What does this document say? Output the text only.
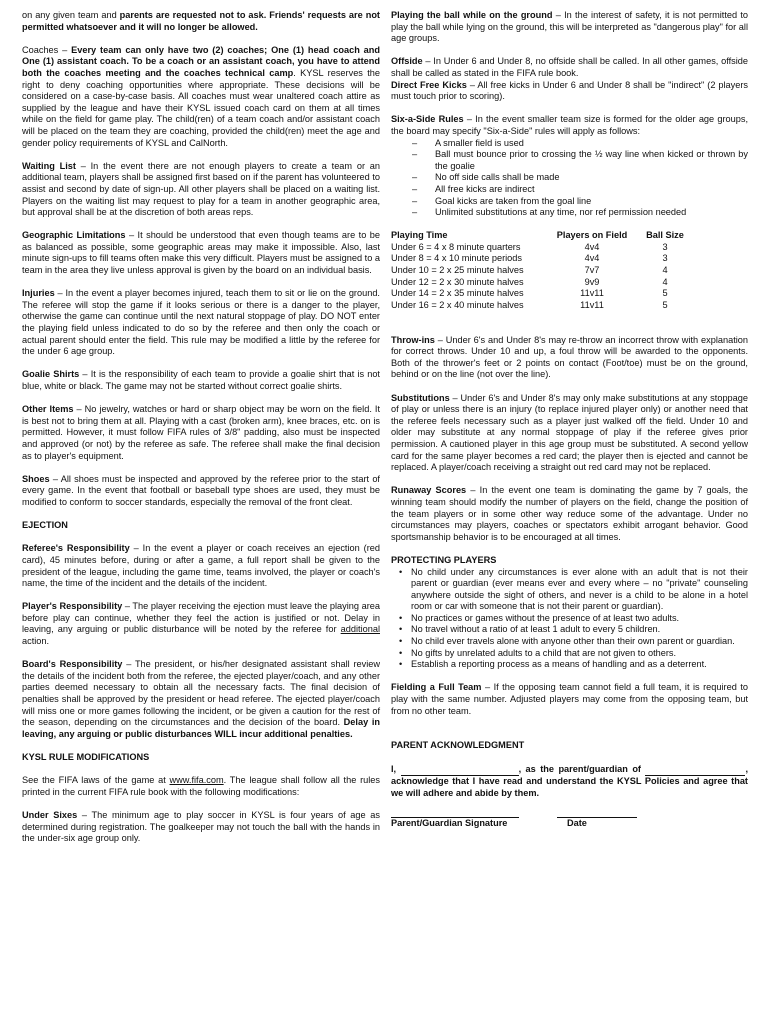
on any given team and parents are requested not to ask. Friends' requests are not permitted whatsoever and it will no longer be allowed.

Coaches – Every team can only have two (2) coaches; One (1) head coach and One (1) assistant coach. To be a coach or an assistant coach, you have to attend both the coaches meeting and the coaches technical camp. KYSL reserves the right to deny coaching opportunities where appropriate. These decisions will be considered on a case-by-case basis. All coaches must wear unaltered coach attire as supplied by the league and have their KYSL issued coach card on them at all times while on the field for game play. The child(ren) of a team coach and/or assistant coach will be placed on the team they are coaching, provided the child(ren) meet the age and gender policy requirements of KYSL and CalNorth.

Waiting List – In the event there are not enough players to create a team or an additional team, players shall be assigned first based on if the parent has volunteered to assist and second by date of sign-up. All other players shall be placed on a waiting list. Players on the waiting list may request to play for a team in another geographic area, but approval shall be at the discretion of both areas reps.

Geographic Limitations – It should be understood that even though teams are to be as balanced as possible, some geographic areas may make it impossible. Also, last minute sign-ups to fill teams often make this very difficult. Players must be assigned to a team in the area they live unless approval is given by the board on an individual basis.

Injuries – In the event a player becomes injured, teach them to sit or lie on the ground. The referee will stop the game if it looks serious or there is a danger to the player, otherwise the game can continue until the next natural stoppage of play. DO NOT enter the playing field unless indicated to do so by the referee and then only the coach or actual parent should enter the field. This rule may be modified a little by the referee for the under 6 age group.

Goalie Shirts – It is the responsibility of each team to provide a goalie shirt that is not blue, white or black. The game may not be started without correct goalie shirts.

Other Items – No jewelry, watches or hard or sharp object may be worn on the field. It is best not to bring them at all. Playing with a cast (broken arm), knee braces, etc. on is permitted. However, it must follow FIFA rules of 3/8" padding, also must be inspected and approved (or not) by the referee as safe. The referee shall make the final decision as to player's equipment.

Shoes – All shoes must be inspected and approved by the referee prior to the start of every game. In the event that football or baseball type shoes are used, they must be modified to conform to soccer standards, especially the removal of the front cleat.

EJECTION

Referee's Responsibility – In the event a player or coach receives an ejection (red card), 45 minutes before, during or after a game, a full report shall be given to the president of the league, including the game time, teams involved, the player or coach's name, the time of the incident and the details of the incident.

Player's Responsibility – The player receiving the ejection must leave the playing area before play can continue, whether they feel the action is justified or not. Delay in leaving, any arguing or public disturbance will be noted by the referee for additional action.

Board's Responsibility – The president, or his/her designated assistant shall review the details of the incident both from the referee, the ejected player/coach, and any other parties deemed necessary to obtain all the necessary facts. The final decision of penalties shall be approved by the president or head referee. The ejected player/coach will miss one or more games following the incident, or be given a caution for the rest of the season, depending on the circumstances and the decision of the board. Delay in leaving, any arguing or public disturbances WILL incur additional penalties.

KYSL RULE MODIFICATIONS

See the FIFA laws of the game at www.fifa.com. The league shall follow all the rules printed in the current FIFA rule book with the following modifications:

Under Sixes – The minimum age to play soccer in KYSL is four years of age as determined during registration. The goalkeeper may not touch the ball with the hands in the under-six age group only.

Playing the ball while on the ground – In the interest of safety, it is not permitted to play the ball while lying on the ground, this will be interpreted as "dangerous play" for all age groups.

Offside – In Under 6 and Under 8, no offside shall be called. In all other games, offside shall be called as stated in the FIFA rule book.

Direct Free Kicks – All free kicks in Under 6 and Under 8 shall be "indirect" (2 players must touch prior to scoring).

Six-a-Side Rules – In the event smaller team size is formed for the older age groups, the board may specify "Six-a-Side" rules will apply as follows:

– A smaller field is used
– Ball must bounce prior to crossing the ½ way line when kicked or thrown by the goalie
– No off side calls shall be made
– All free kicks are indirect
– Goal kicks are taken from the goal line
– Unlimited substitutions at any time, nor ref permission needed
Playing Time	Players on Field	Ball Size
Under 6 = 4 x 8 minute quarters	4v4	3
Under 8 = 4 x 10 minute periods	4v4	3
Under 10 = 2 x 25 minute halves	7v7	4
Under 12 = 2 x 30 minute halves	9v9	4
Under 14 = 2 x 35 minute halves	11v11	5
Under 16 = 2 x 40 minute halves	11v11	5

Throw-ins – Under 6's and Under 8's may re-throw an incorrect throw with explanation for correct throws. Under 10 and up, a foul throw will be awarded to the opponents. Both of the thrower's feet or 2 points on contact (Foot/toe) must be on the ground, behind or on the line (not over the line).

Substitutions – Under 6's and Under 8's may only make substitutions at any stoppage of play or unless there is an injury (to replace injured player only) or another need that the referee feels necessary such as a player just walked off the field. Under 10 and older may substitute at any normal stoppage of play if the referee gives prior permission. A cautioned player in this age group must be substituted. A second yellow card for the same player becomes a red card; the player then is ejected and cannot be replaced. A player/coach receiving a straight out red card may not be replaced.

Runaway Scores – In the event one team is dominating the game by 7 goals, the winning team should modify the number of players on the field, change the position of the team players or in some other way reduce some of the advantage. Under no circumstances may players, coaches or spectators exhibit arrogant behavior. Good sportsmanship behavior is to be encouraged at all times.

PROTECTING PLAYERS

• No child under any circumstances is ever alone with an adult that is not their parent or guardian (ever means ever and every where – no "private" counseling anywhere outside the sight of others, and never is a child to be alone in a hotel room or car with someone that is not their parent or guardian).
• No practices or games without the presence of at least two adults.
• No travel without a ratio of at least 1 adult to every 5 children.
• No child ever travels alone with anyone other than their own parent or guardian.
• No gifts by unrelated adults to a child that are not given to others.
• Establish a reporting process as a means of handling and as a deterrent.

Fielding a Full Team – If the opposing team cannot field a full team, it is required to play with the same number. Adjusted players may come from the opposing team, but from no other team.

PARENT ACKNOWLEDGMENT

I,	, as the parent/guardian of	, acknowledge that I have read and understand the KYSL Policies and agree that we will adhere and abide by them.

Parent/Guardian Signature	Date
